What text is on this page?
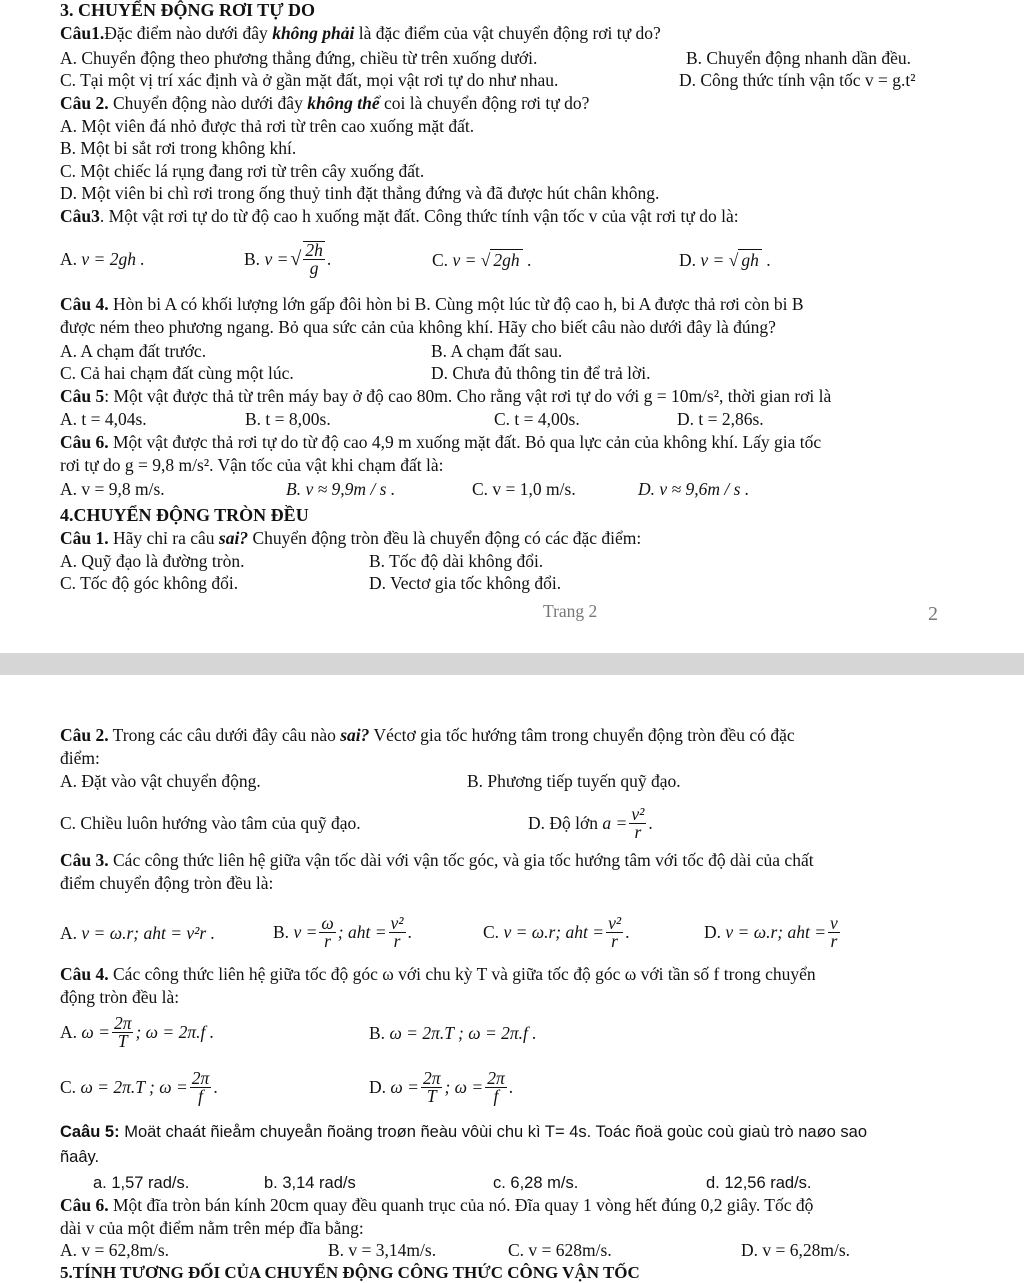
3. CHUYỂN ĐỘNG RƠI TỰ DO
Câu1.Đặc điểm nào dưới đây không phải là đặc điểm của vật chuyển động rơi tự do?
A. Chuyển động theo phương thẳng đứng, chiều từ trên xuống dưới.	B. Chuyển động nhanh dần đều.
C. Tại một vị trí xác định và ở gần mặt đất, mọi vật rơi tự do như nhau.	D. Công thức tính vận tốc v = g.t²
Câu 2. Chuyển động nào dưới đây không thể coi là chuyển động rơi tự do?
A. Một viên đá nhỏ được thả rơi từ trên cao xuống mặt đất.
B. Một bi sắt rơi trong không khí.
C. Một chiếc lá rụng đang rơi từ trên cây xuống đất.
D. Một viên bi chì rơi trong ống thuỷ tinh đặt thẳng đứng và đã được hút chân không.
Câu3. Một vật rơi tự do từ độ cao h xuống mặt đất. Công thức tính vận tốc v của vật rơi tự do là:
A. v = 2gh .	B.
v = √ $\frac{2h}{g}$ .	C. v = √ 2gh .	D. v = √ gh .
Câu 4. Hòn bi A có khối lượng lớn gấp đôi hòn bi B. Cùng một lúc từ độ cao h, bi A được thả rơi còn bi B
được ném theo phương ngang. Bỏ qua sức cản của không khí. Hãy cho biết câu nào dưới đây là đúng?
A. A chạm đất trước.	B. A chạm đất sau.
C. Cả hai chạm đất cùng một lúc.	D. Chưa đủ thông tin để trả lời.
Câu 5: Một vật được thả từ trên máy bay ở độ cao 80m. Cho rằng vật rơi tự do với g = 10m/s², thời gian rơi là
A. t = 4,04s.	B. t = 8,00s.	C. t = 4,00s.	D. t = 2,86s.
Câu 6. Một vật được thả rơi tự do từ độ cao 4,9 m xuống mặt đất. Bỏ qua lực cản của không khí. Lấy gia tốc
rơi tự do g = 9,8 m/s². Vận tốc của vật khi chạm đất là:
A. v = 9,8 m/s.	B. v ≈ 9,9m / s .	C. v = 1,0 m/s.	D. v ≈ 9,6m / s .
4.CHUYỂN ĐỘNG TRÒN ĐỀU
Câu 1. Hãy chỉ ra câu sai? Chuyển động tròn đều là chuyển động có các đặc điểm:
A. Quỹ đạo là đường tròn.	B. Tốc độ dài không đổi.
C. Tốc độ góc không đổi.	D. Vectơ gia tốc không đổi.
Trang 2	2
Câu 2. Trong các câu dưới đây câu nào sai? Véctơ gia tốc hướng tâm trong chuyển động tròn đều có đặc
điểm:
A. Đặt vào vật chuyển động.	B. Phương tiếp tuyến quỹ đạo.
C. Chiều luôn hướng vào tâm của quỹ đạo.	D. Độ lớn
$a = \frac{\text{v²}}{r}$ .
Câu 3. Các công thức liên hệ giữa vận tốc dài với vận tốc góc, và gia tốc hướng tâm với tốc độ dài của chất
điểm chuyển động tròn đều là:
A. v = ω.r; aht = v²r .	B.
$v = \frac{\omega}{r}$ ; aht = $\frac{\text{v²}}{r}$ .	C.
v = ω.r; aht = $\frac{\text{v²}}{r}$ .	D.
v = ω.r; aht = $\frac{v}{r}$
Câu 4. Các công thức liên hệ giữa tốc độ góc ω với chu kỳ T và giữa tốc độ góc ω với tần số f trong chuyển
động tròn đều là:
A.
$\omega = \frac{2\pi}{T}$ ; ω = 2π.f .	B. ω = 2π.T ; ω = 2π.f .
C.
ω = 2π.T ; $\omega = \frac{2\pi}{f}$ .	D.
$\omega = \frac{2\pi}{T}$ ; $\omega = \frac{2\pi}{f}$ .
Caâu 5: Moät chaát ñieåm chuyeån ñoäng troøn ñeàu vôùi chu kì T= 4s. Toác ñoä goùc coù giaù trò naøo sao
ñaây.
a. 1,57 rad/s.	b. 3,14 rad/s	c. 6,28 m/s.	d. 12,56 rad/s.
Câu 6. Một đĩa tròn bán kính 20cm quay đều quanh trục của nó. Đĩa quay 1 vòng hết đúng 0,2 giây. Tốc độ
dài v của một điểm nằm trên mép đĩa bằng:
A. v = 62,8m/s.	B. v = 3,14m/s.	C. v = 628m/s.	D. v = 6,28m/s.
5.TÍNH TƯƠNG ĐỐI CỦA CHUYỂN ĐỘNG CÔNG THỨC CÔNG VẬN TỐC
